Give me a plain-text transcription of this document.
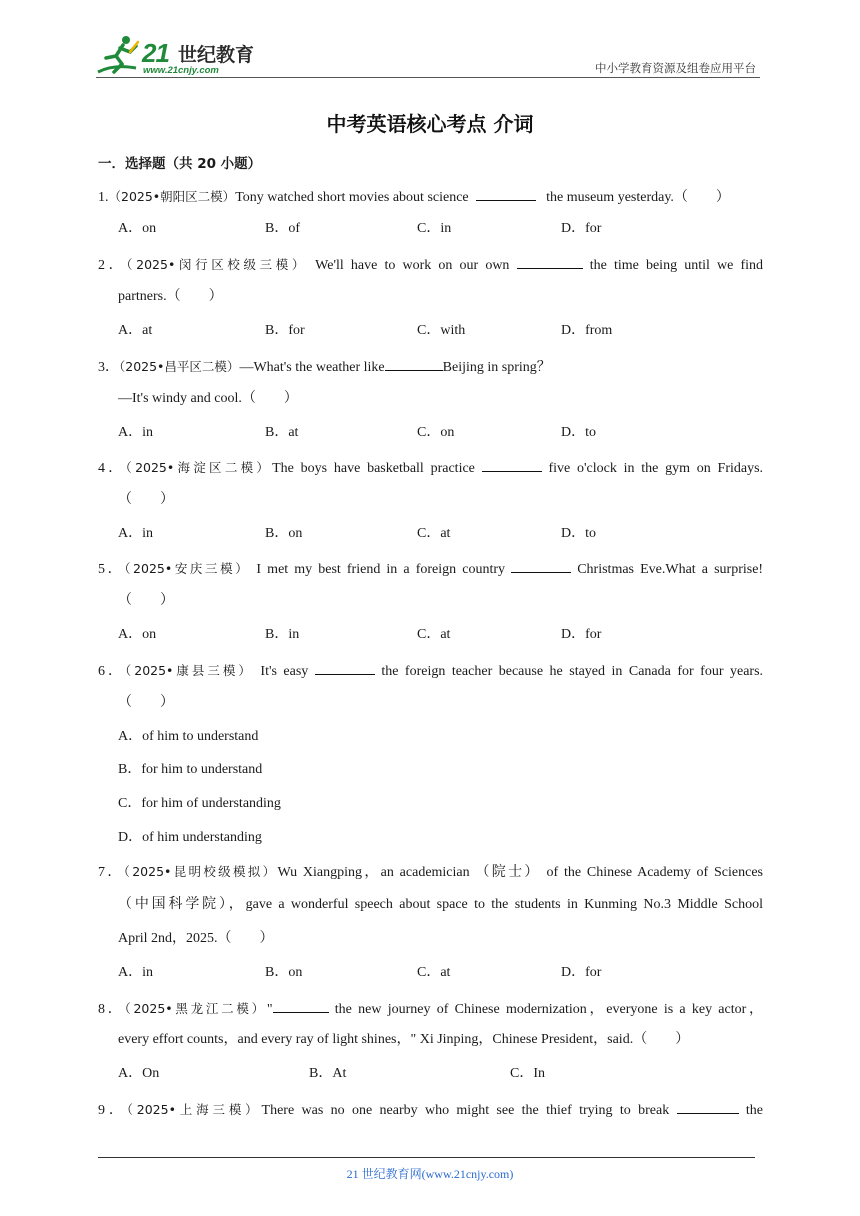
21 世纪教育
www.21cnjy.com	中小学教育资源及组卷应用平台
中考英语核心考点 介词
一．选择题（共 20 小题）
1.（2025•朝阳区二模）Tony watched short movies about science	the museum yesterday.（　　）
A．on	B．of	C．in	D．for
2．（2025•闵行区校级三模） We'll have to work on our own	the time being until we find
partners.（　　）
A．at	B．for	C．with	D．from
3．（2025•昌平区二模）—What's the weather like	Beijing in spring？
—It's windy and cool.（　　）
A．in	B．at	C．on	D．to
4．（2025•海淀区二模）The boys have basketball practice	five o'clock in the gym on Fridays.
（　　）
A．in	B．on	C．at	D．to
5．（2025•安庆三模） I met my best friend in a foreign country	Christmas Eve.What a surprise!
（　　）
A．on	B．in	C．at	D．for
6．（2025•康县三模） It's easy	the foreign teacher because he stayed in Canada for four years.
（　　）
A．of him to understand
B．for him to understand
C．for him of understanding
D．of him understanding
7．（2025•昆明校级模拟）Wu Xiangping，an academician （院士） of the Chinese Academy of Sciences
（中国科学院），gave a wonderful speech about space to the students in Kunming No.3 Middle School
April 2nd，2025.（　　）
A．in	B．on	C．at	D．for
8．（2025•黑龙江二模）"	the new journey of Chinese modernization，everyone is a key actor，
every effort counts，and every ray of light shines，" Xi Jinping，Chinese President，said.（　　）
A．On	B．At	C．In
9．（2025•上海三模）There was no one nearby who might see the thief trying to break	the
21 世纪教育网(www.21cnjy.com)
